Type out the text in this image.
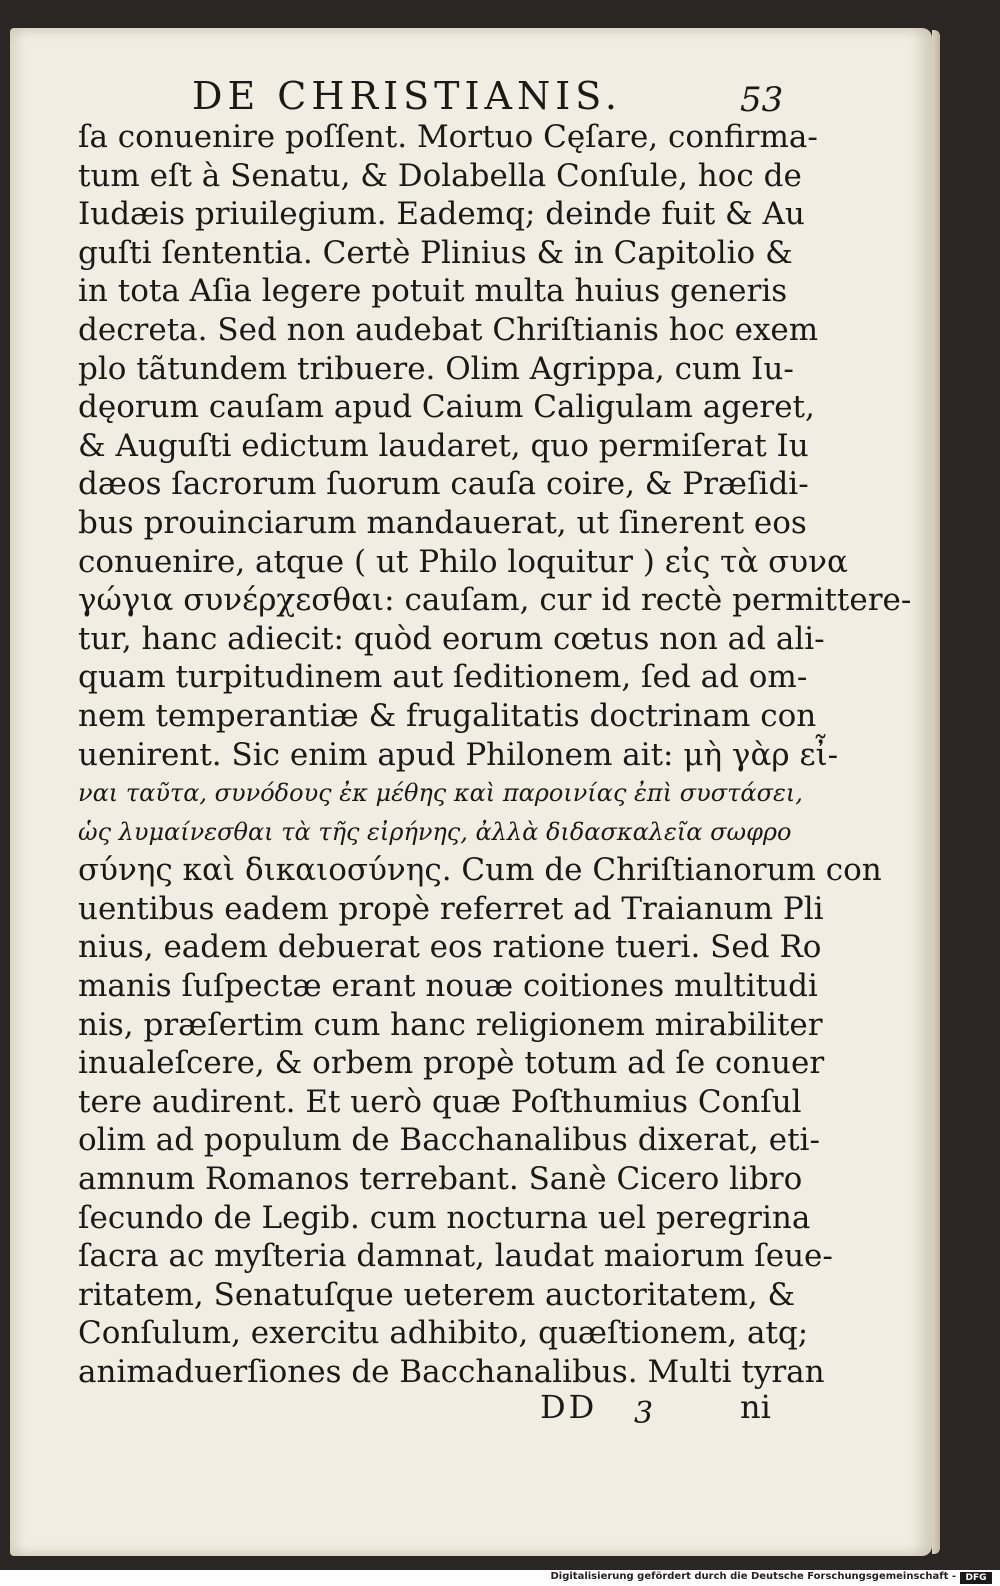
DE CHRISTIANIS.	53
ſa conuenire poſſent. Mortuo Cęſare, confirma-
tum eſt à Senatu, & Dolabella Conſule, hoc de
Iudæis priuilegium. Eademq; deinde fuit & Au
guſti ſententia. Certè Plinius & in Capitolio &
in tota Aſia legere potuit multa huius generis
decreta. Sed non audebat Chriſtianis hoc exem
plo tãtundem tribuere. Olim Agrippa, cum Iu-
dęorum cauſam apud Caium Caligulam ageret,
& Auguſti edictum laudaret, quo permiſerat Iu
dæos ſacrorum ſuorum cauſa coire, & Præſidi-
bus prouinciarum mandauerat, ut ſinerent eos
conuenire, atque ( ut Philo loquitur ) εἰς τὰ συνα
γώγια συνέρχεσθαι: cauſam, cur id rectè permittere-
tur, hanc adiecit: quòd eorum cœtus non ad ali-
quam turpitudinem aut ſeditionem, ſed ad om-
nem temperantiæ & frugalitatis doctrinam con
uenirent. Sic enim apud Philonem ait: μὴ γὰρ εἶ-
ναι ταῦτα, συνόδους ἐκ μέθης καὶ παροινίας ἐπὶ συστάσει,
ὡς λυμαίνεσθαι τὰ τῆς εἰρήνης, ἀλλὰ διδασκαλεῖα σωφρο
σύνης καὶ δικαιοσύνης. Cum de Chriſtianorum con
uentibus eadem propè referret ad Traianum Pli
nius, eadem debuerat eos ratione tueri. Sed Ro
manis ſuſpectæ erant nouæ coitiones multitudi
nis, præſertim cum hanc religionem mirabiliter
inualeſcere, & orbem propè totum ad ſe conuer
tere audirent. Et uerò quæ Poſthumius Conſul
olim ad populum de Bacchanalibus dixerat, eti-
amnum Romanos terrebant. Sanè Cicero libro
ſecundo de Legib. cum nocturna uel peregrina
ſacra ac myſteria damnat, laudat maiorum ſeue-
ritatem, Senatuſque ueterem auctoritatem, &
Conſulum, exercitu adhibito, quæſtionem, atq;
animaduerſiones de Bacchanalibus. Multi tyran
DD 3	ni
Digitalisierung gefördert durch die Deutsche Forschungsgemeinschaft -	DFG
